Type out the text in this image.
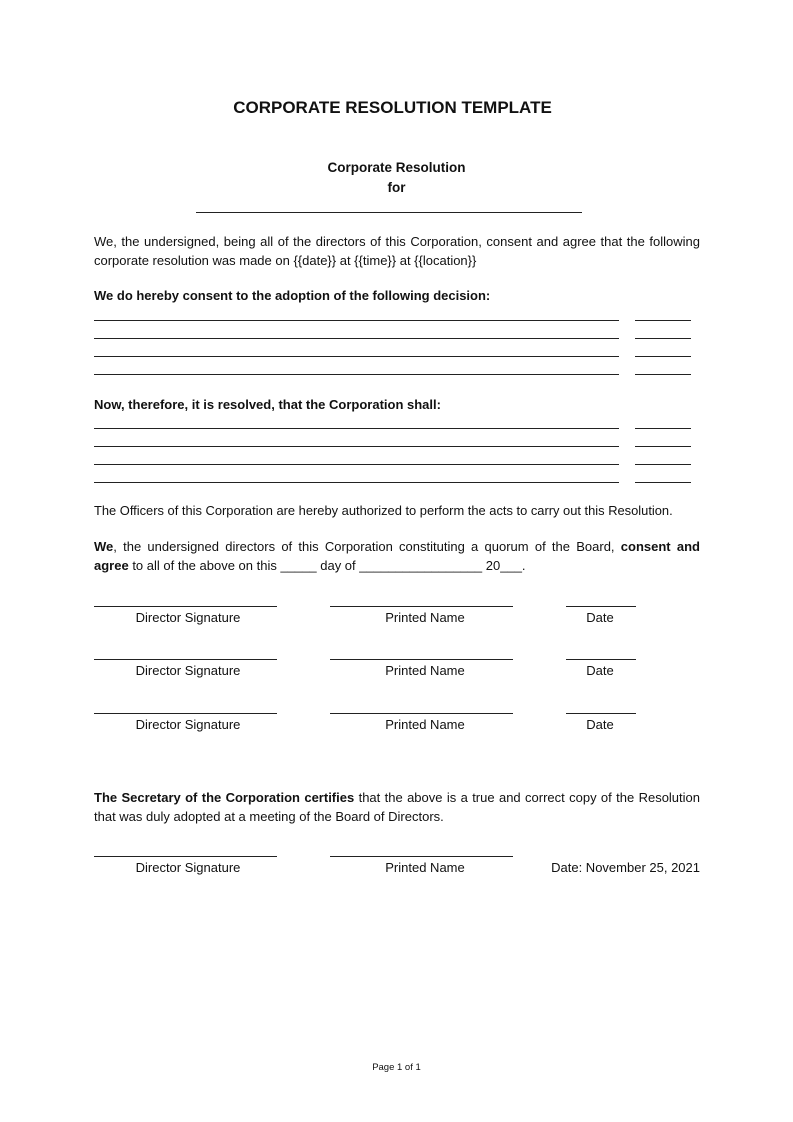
CORPORATE RESOLUTION TEMPLATE
Corporate Resolution
for
We, the undersigned, being all of the directors of this Corporation, consent and agree that the following corporate resolution was made on {{date}} at {{time}} at {{location}}
We do hereby consent to the adoption of the following decision:
Now, therefore, it is resolved, that the Corporation shall:
The Officers of this Corporation are hereby authorized to perform the acts to carry out this Resolution.
We, the undersigned directors of this Corporation constituting a quorum of the Board, consent and agree to all of the above on this _____ day of _________________ 20___.
Director Signature	Printed Name	Date
Director Signature	Printed Name	Date
Director Signature	Printed Name	Date
The Secretary of the Corporation certifies that the above is a true and correct copy of the Resolution that was duly adopted at a meeting of the Board of Directors.
Director Signature	Printed Name	Date: November 25, 2021
Page 1 of 1
